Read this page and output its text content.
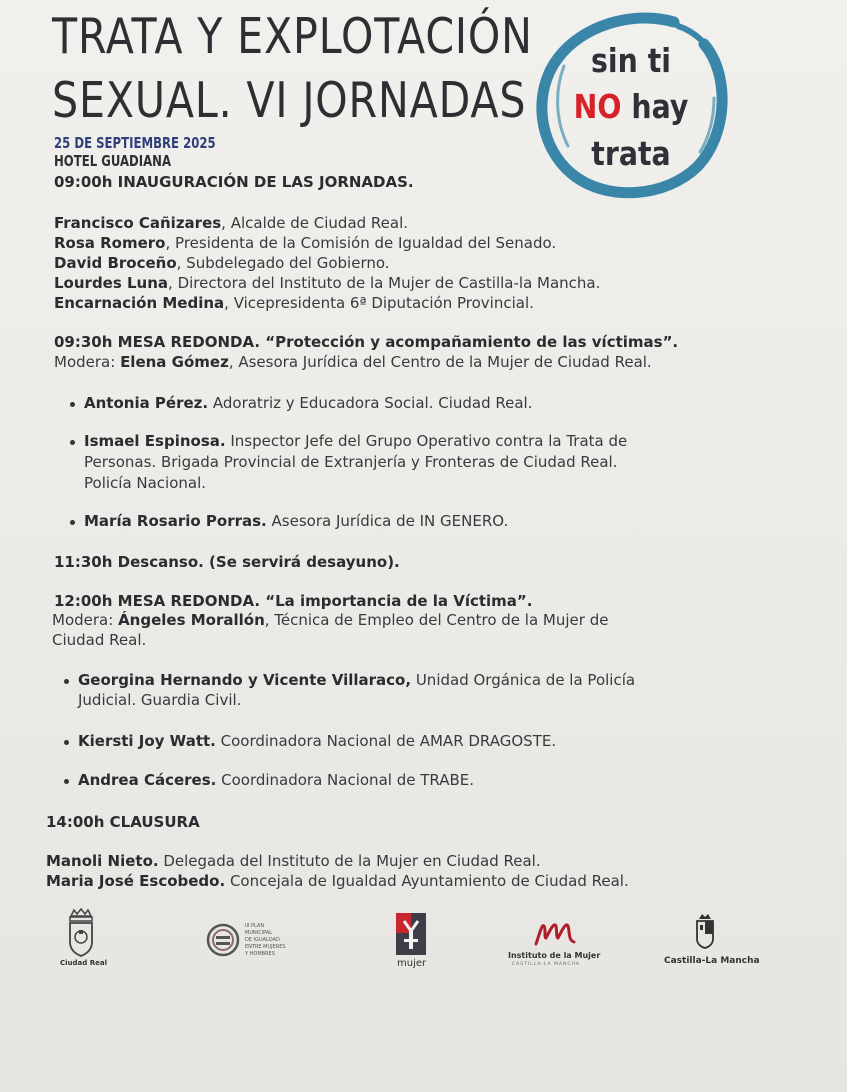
TRATA Y EXPLOTACIÓN
SEXUAL. VI JORNADAS
25 DE SEPTIEMBRE 2025
HOTEL GUADIANA
sin ti
NO hay
trata
09:00h INAUGURACIÓN DE LAS JORNADAS.
Francisco Cañizares, Alcalde de Ciudad Real.
Rosa Romero, Presidenta de la Comisión de Igualdad del Senado.
David Broceño, Subdelegado del Gobierno.
Lourdes Luna, Directora del Instituto de la Mujer de Castilla-la Mancha.
Encarnación Medina, Vicepresidenta 6ª Diputación Provincial.
09:30h MESA REDONDA. “Protección y acompañamiento de las víctimas”.
Modera: Elena Gómez, Asesora Jurídica del Centro de la Mujer de Ciudad Real.
Antonia Pérez. Adoratriz y Educadora Social. Ciudad Real.
Ismael Espinosa. Inspector Jefe del Grupo Operativo contra la Trata de
Personas. Brigada Provincial de Extranjería y Fronteras de Ciudad Real.
Policía Nacional.
María Rosario Porras. Asesora Jurídica de IN GENERO.
11:30h Descanso. (Se servirá desayuno).
12:00h MESA REDONDA. “La importancia de la Víctima”.
Modera: Ángeles Morallón, Técnica de Empleo del Centro de la Mujer de
Ciudad Real.
Georgina Hernando y Vicente Villaraco, Unidad Orgánica de la Policía
Judicial. Guardia Civil.
Kiersti Joy Watt. Coordinadora Nacional de AMAR DRAGOSTE.
Andrea Cáceres. Coordinadora Nacional de TRABE.
14:00h CLAUSURA
Manoli Nieto. Delegada del Instituto de la Mujer en Ciudad Real.
Maria José Escobedo. Concejala de Igualdad Ayuntamiento de Ciudad Real.
Ciudad Real
III PLAN
MUNICIPAL
DE IGUALDAD
ENTRE MUJERES
Y HOMBRES
mujer
Instituto de la Mujer
CASTILLA-LA MANCHA	Castilla-La Mancha
